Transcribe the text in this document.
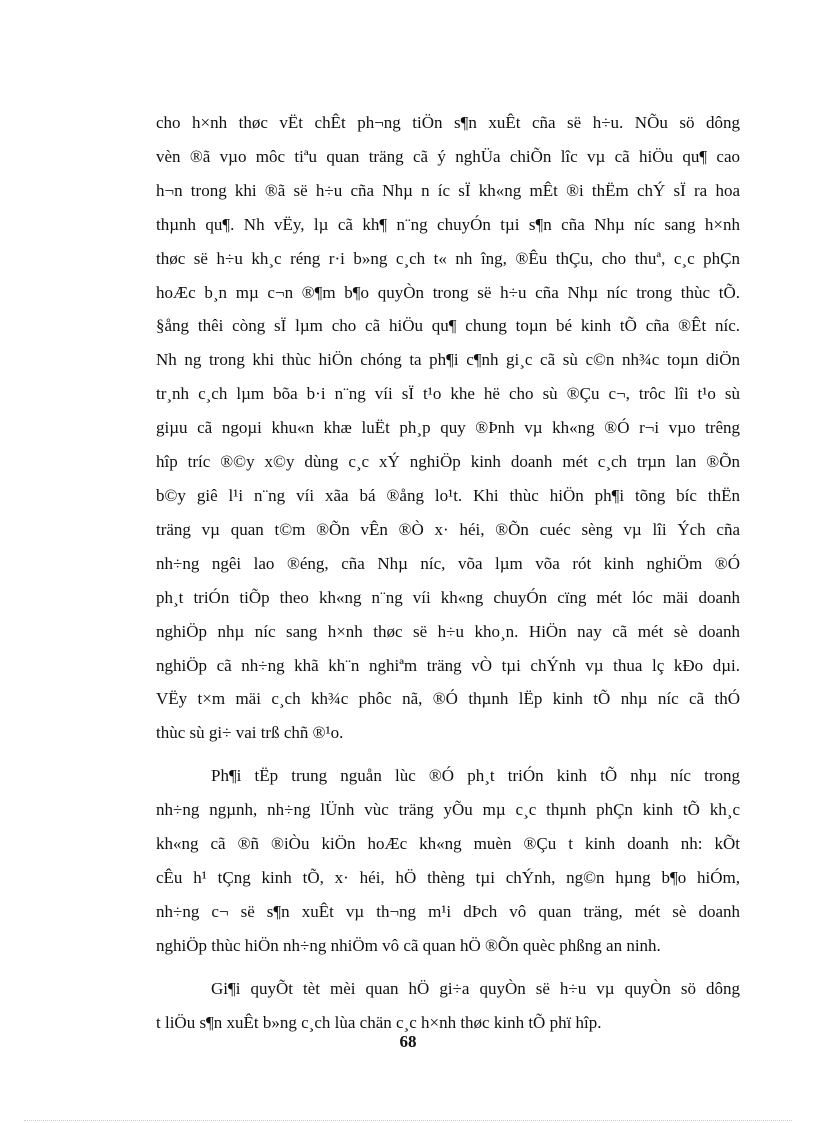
cho h×nh thøc vËt chÊt ph¬ng tiÖn s¶n xuÊt cña së h÷u. NÕu sö dông
vèn ®ã vµo môc tiªu quan träng cã ý nghÜa chiÕn lîc vµ cã hiÖu qu¶ cao
h¬n trong khi ®ã së h÷u cña Nhµ n íc sÏ kh«ng mÊt ®i thËm chÝ sÏ ra hoa
thµnh qu¶. Nh vËy, lµ cã kh¶ n¨ng chuyÓn tµi s¶n cña Nhµ níc sang h×nh
thøc së h÷u kh¸c réng r·i b»ng c¸ch t« nh îng, ®Êu thÇu, cho thuª, c¸c phÇn
hoÆc b¸n mµ c¬n ®¶m b¶o quyÒn trong së h÷u cña Nhµ níc trong thùc tÕ.
§ång thêi còng sÏ lµm cho cã hiÖu qu¶ chung toµn bé kinh tÕ cña ®Êt níc.
Nh ng trong khi thùc hiÖn chóng ta ph¶i c¶nh gi¸c cã sù c©n nh¾c toµn diÖn
tr¸nh c¸ch lµm bõa b·i n¨ng víi sÏ t¹o khe hë cho sù ®Çu c¬, trôc lîi t¹o sù
giµu cã ngoµi khu«n khæ luËt ph¸p quy ®Þnh vµ kh«ng ®Ó r¬i vµo trêng
hîp tríc ®©y x©y dùng c¸c xÝ nghiÖp kinh doanh mét c¸ch trµn lan ®Õn
b©y giê l¹i n¨ng víi xãa bá ®ång lo¹t. Khi thùc hiÖn ph¶i tõng bíc thËn
träng vµ quan t©m ®Õn vÊn ®Ò x· héi, ®Õn cuéc sèng vµ lîi Ých cña
nh÷ng ngêi lao ®éng, cña Nhµ níc, võa lµm võa rót kinh nghiÖm ®Ó
ph¸t triÓn tiÕp theo kh«ng n¨ng víi kh«ng chuyÓn cïng mét lóc mäi doanh
nghiÖp nhµ níc sang h×nh thøc së h÷u kho¸n. HiÖn nay cã mét sè doanh
nghiÖp cã nh÷ng khã kh¨n nghiªm träng vÒ tµi chÝnh vµ thua lç kÐo dµi.
VËy t×m mäi c¸ch kh¾c phôc nã, ®Ó thµnh lËp kinh tÕ nhµ níc cã thÓ
thùc sù gi÷ vai trß chñ ®¹o.

Ph¶i tËp trung nguån lùc ®Ó ph¸t triÓn kinh tÕ nhµ níc trong
nh÷ng ngµnh, nh÷ng lÜnh vùc träng yÕu mµ c¸c thµnh phÇn kinh tÕ kh¸c
kh«ng cã ®ñ ®iÒu kiÖn hoÆc kh«ng muèn ®Çu t kinh doanh nh: kÕt
cÊu h¹ tÇng kinh tÕ, x· héi, hÖ thèng tµi chÝnh, ng©n hµng b¶o hiÓm,
nh÷ng c¬ së s¶n xuÊt vµ th¬ng m¹i dÞch vô quan träng, mét sè doanh
nghiÖp thùc hiÖn nh÷ng nhiÖm vô cã quan hÖ ®Õn quèc phßng an ninh.

Gi¶i quyÕt tèt mèi quan hÖ gi÷a quyÒn së h÷u vµ quyÒn sö dông
t liÖu s¶n xuÊt b»ng c¸ch lùa chän c¸c h×nh thøc kinh tÕ phï hîp.

68
